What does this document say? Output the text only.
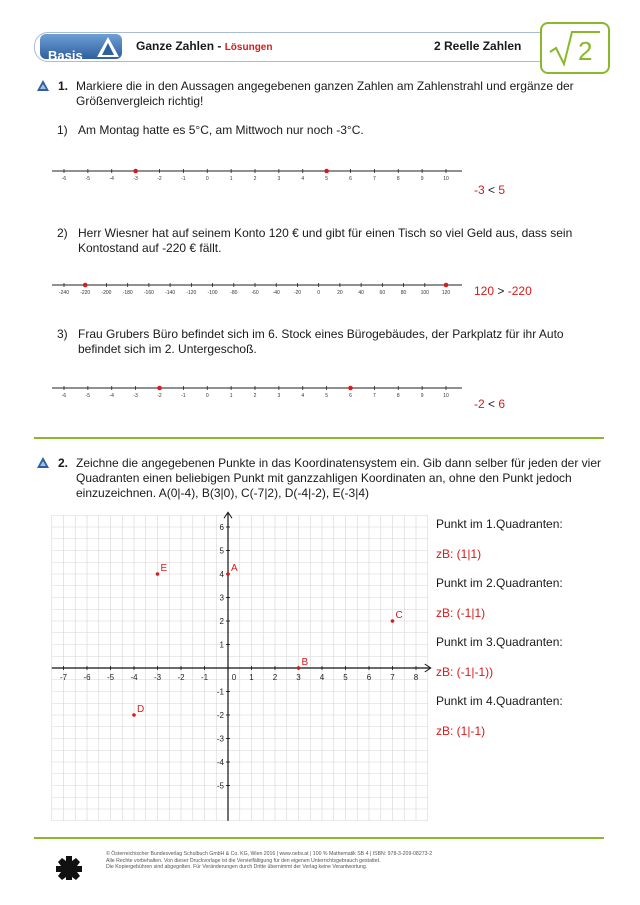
Basis
Ganze Zahlen - Lösungen	2 Reelle Zahlen 2
1. Markiere die in den Aussagen angegebenen ganzen Zahlen am Zahlenstrahl und ergänze der Größenvergleich richtig!
1) Am Montag hatte es 5°C, am Mittwoch nur noch -3°C.
-6	-5	-4	-3	-2	-1	0	1	2	3	4	5	6	7	8	9	10
-3 < 5
2) Herr Wiesner hat auf seinem Konto 120 € und gibt für einen Tisch so viel Geld aus, dass sein Kontostand auf -220 € fällt.
-240 -220 -200 -180 -160 -140 -120 -100	-80	-60	-40	-20	0	20	40	60	80	100	120 120 > -220
3) Frau Grubers Büro befindet sich im 6. Stock eines Bürogebäudes, der Parkplatz für ihr Auto befindet sich im 2. Untergeschoß.
-6	-5	-4	-3	-2	-1	0	1	2	3	4	5	6	7	8	9	10
-2 < 6
2. Zeichne die angegebenen Punkte in das Koordinatensystem ein. Gib dann selber für jeden der vier Quadranten einen beliebigen Punkt mit ganzzahligen Koordinaten an, ohne den Punkt jedoch einzuzeichnen. A(0|-4), B(3|0), C(-7|2), D(-4|-2), E(-3|4)
-7 -6 -5 -4 -3 -2 -1	0 1 2 3 4 5 6 7 8
6
5
4
3
2
1
-1
-2
-3
-4
-5
A
B
C
D
E
Punkt im 1.Quadranten:
zB: (1|1)
Punkt im 2.Quadranten:
zB: (-1|1)
Punkt im 3.Quadranten:
zB: (-1|-1))
Punkt im 4.Quadranten:
zB: (1|-1)
© Österreichischer Bundesverlag Schulbuch GmbH & Co. KG, Wien 2016 | www.oebv.at | 100 % Mathematik SB 4 | ISBN: 978-3-209-08273-2
Alle Rechte vorbehalten. Von dieser Druckvorlage ist die Vervielfältigung für den eigenen Unterrichtsgebrauch gestattet.
Die Kopiergebühren sind abgegolten. Für Veränderungen durch Dritte übernimmt der Verlag keine Verantwortung.
